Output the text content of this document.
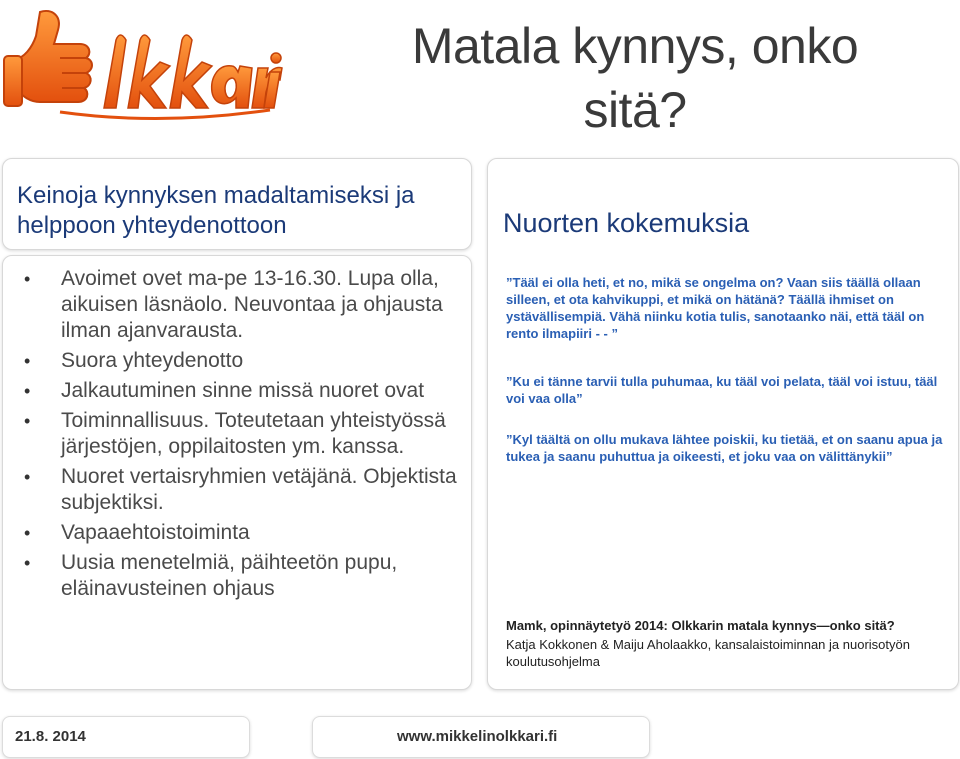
Matala kynnys, onko sitä?
Keinoja kynnyksen madaltamiseksi ja helppoon yhteydenottoon
• Avoimet ovet ma-pe 13-16.30. Lupa olla, aikuisen läsnäolo. Neuvontaa ja ohjausta ilman ajanvarausta.
• Suora yhteydenotto
• Jalkautuminen sinne missä nuoret ovat
• Toiminnallisuus. Toteutetaan yhteistyössä järjestöjen, oppilaitosten ym. kanssa.
• Nuoret vertaisryhmien vetäjänä. Objektista subjektiksi.
• Vapaaehtoistoiminta
• Uusia menetelmiä, päihteetön pupu, eläinavusteinen ohjaus
Nuorten kokemuksia
”Tääl ei olla heti, et no, mikä se ongelma on? Vaan siis täällä ollaan silleen, et ota kahvikuppi, et mikä on hätänä? Täällä ihmiset on ystävällisempiä. Vähä niinku kotia tulis, sanotaanko näi, että tääl on rento ilmapiiri - - ”
”Ku ei tänne tarvii tulla puhumaa, ku tääl voi pelata, tääl voi istuu, tääl voi vaa olla”
”Kyl täältä on ollu mukava lähtee poiskii, ku tietää, et on saanu apua ja tukea ja saanu puhuttua ja oikeesti, et joku vaa on välittänykii”
Mamk, opinnäytetyö 2014: Olkkarin matala kynnys—onko sitä?
Katja Kokkonen & Maiju Aholaakko, kansalaistoiminnan ja nuorisotyön koulutusohjelma
21.8. 2014	www.mikkelinolkkari.fi
